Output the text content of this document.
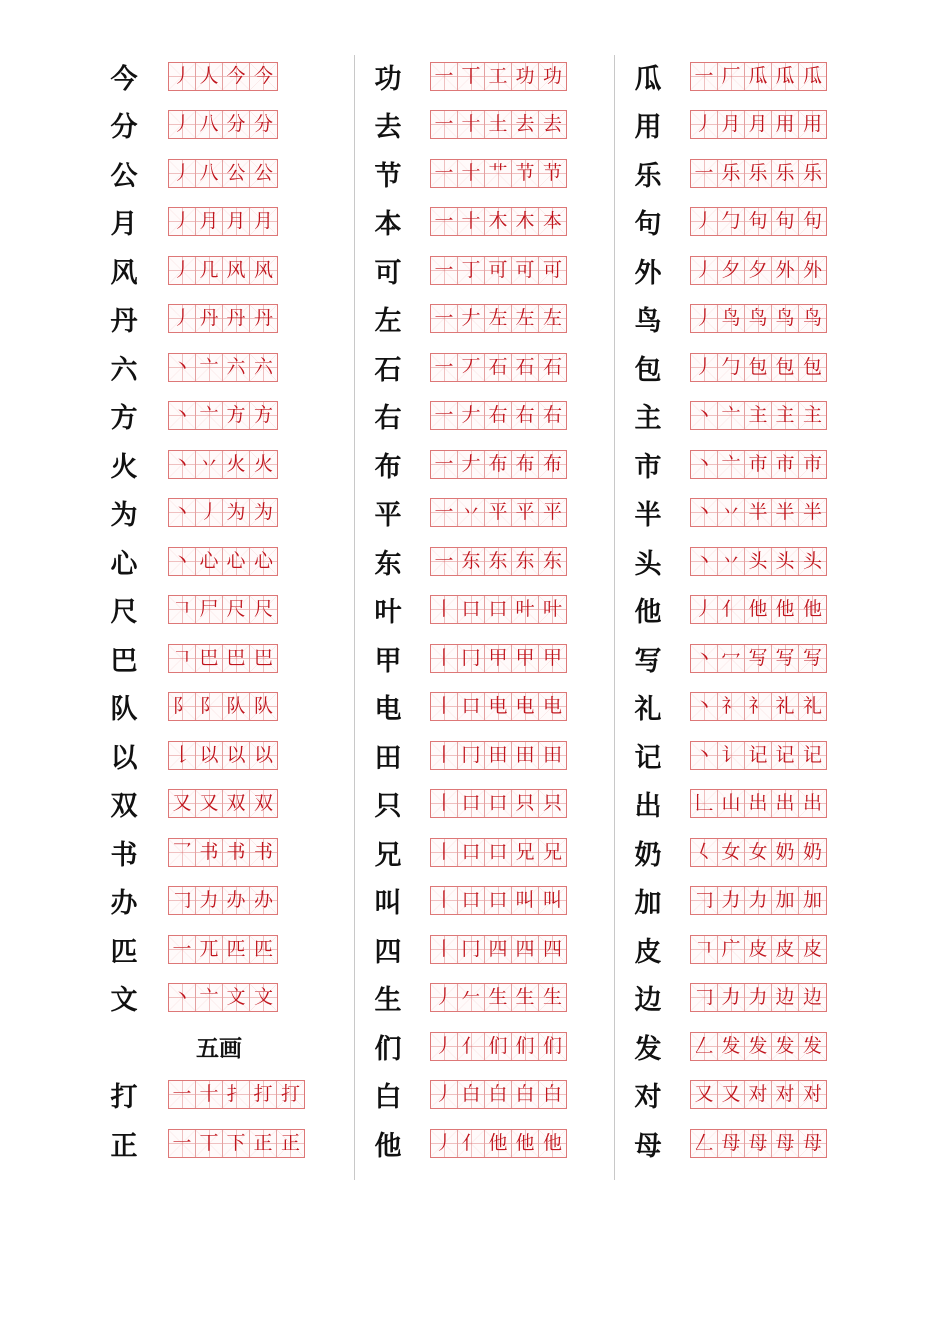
今	丿 人 今 今
分	丿 八 分 分
公	丿 八 公 公
月	丿 月 月 月
风	丿 几 风 风
丹	丿 丹 丹 丹
六	丶 亠 六 六
方	丶 亠 方 方
火	丶 丷 火 火
为	丶 丿 为 为
心	丶 心 心 心
尺	𠃍 尸 尺 尺
巴	𠃍 巴 巴 巴
队	阝 阝 队 队
以	𠄌 以 以 以
双	又 又 双 双
书	乛 书 书 书
办	𠃌 力 办 办
匹	一 兀 匹 匹
文	丶 亠 文 文
五画
打	一 十 扌 打 打
正	一 丅 下 正 正
功	一 丅 工 功 功
去	一 十 土 去 去
节	一 十 艹 节 节
本	一 十 木 木 本
可	一 丁 可 可 可
左	一 𠂇 左 左 左
石	一 丆 石 石 石
右	一 𠂇 右 右 右
布	一 𠂇 布 布 布
平	一 丷 平 平 平
东	一 东 东 东 东
叶	丨 口 口 叶 叶
甲	丨 冂 甲 甲 甲
电	丨 口 电 电 电
田	丨 冂 田 田 田
只	丨 口 口 只 只
兄	丨 口 口 兄 兄
叫	丨 口 口 叫 叫
四	丨 冂 四 四 四
生	丿 𠂉 生 生 生
们	丿 亻 们 们 们
白	丿 白 白 白 白
他	丿 亻 他 他 他
瓜	一 厂 瓜 瓜 瓜
用	丿 月 月 用 用
乐	一 乐 乐 乐 乐
句	丿 勹 句 句 句
外	丿 夕 夕 外 外
鸟	丿 鸟 鸟 鸟 鸟
包	丿 勹 包 包 包
主	丶 亠 主 主 主
市	丶 亠 市 市 市
半	丶 丷 半 半 半
头	丶 丷 头 头 头
他	丿 亻 他 他 他
写	丶 冖 写 写 写
礼	丶 礻 礻 礼 礼
记	丶 讠 记 记 记
出	𠃊 山 出 出 出
奶	𡿨 女 女 奶 奶
加	𠃌 力 力 加 加
皮	𠃍 广 皮 皮 皮
边	𠃌 力 力 边 边
发	𠃋 发 发 发 发
对	又 又 对 对 对
母	𠃋 母 母 母 母
